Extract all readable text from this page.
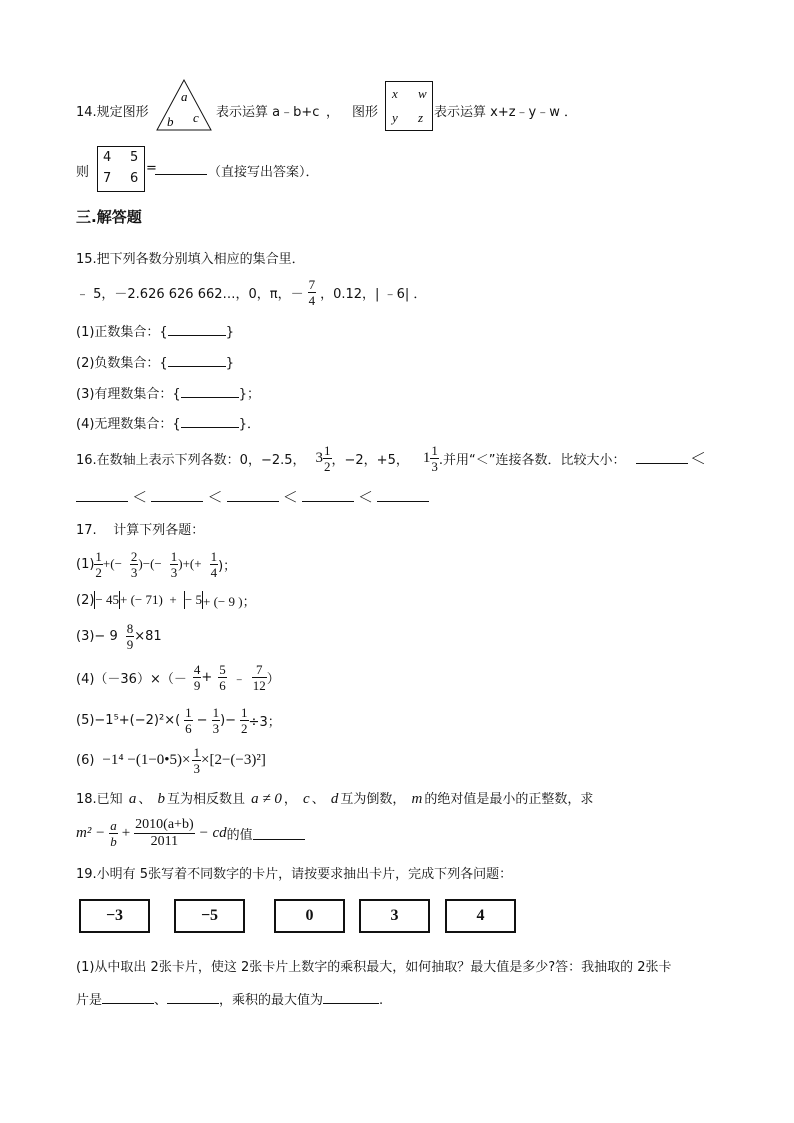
14.规定图形
a
b c 表示运算 a﹣b+c ， 图形
x w
y z 表示运算 x+z﹣y﹣w ．
则
4 5
7 6
=	（直接写出答案）．
三.解答题
15.把下列各数分别填入相应的集合里．
﹣ 5，－2.626 626 662…，0，π，－ $\frac{7}{4}$ ，0.12，| ﹣6| ．
(1)正数集合：{	}
(2)负数集合：{	}
(3)有理数集合：{	}；
(4)无理数集合：{	}．
16.在数轴上表示下列各数：0，−2.5， $3 \frac{1}{2}$ ，−2，+5， $1 \frac{1}{3}$ .并用“＜”连接各数．比较大小：	＜
＜	＜	＜	＜
17.    计算下列各题：
$(1) \frac{1}{2}$ +(− $\frac{2}{3}$ )−(− $\frac{1}{3}$ )+(+ $\frac{1}{4}$ )；
(2) − 45 + (− 71)  + − 5 + (− 9 )；
$(3)- 9 \frac{8}{9} \times 81$
$(4)(-36)\times(- \frac{4}{9} + \frac{5}{6}$ ﹣ $\frac{7}{12}$ ）
$(5)-1^5+(-2)^2\times( \frac{1}{6} - \frac{1}{3}$ )− $\frac{1}{2} \div 3$；
(6) −1⁴ −(1−0•5)× $\frac{1}{3} \times[2-(-3)^2]$
18.已知 a 、 b 互为相反数且 a ≠ 0 ， c 、 d 互为倒数， m 的绝对值是最小的正整数，求
$m^2 - \frac{a}{b} + \frac{2010(a+b)}{2011}$ − cd 的值
19.小明有 5张写着不同数字的卡片，请按要求抽出卡片，完成下列各问题：
−3	−5	0	3	4
(1)从中取出 2张卡片，使这 2张卡片上数字的乘积最大，如何抽取？最大值是多少?答：我抽取的 2张卡
片是	、	，乘积的最大值为	.
